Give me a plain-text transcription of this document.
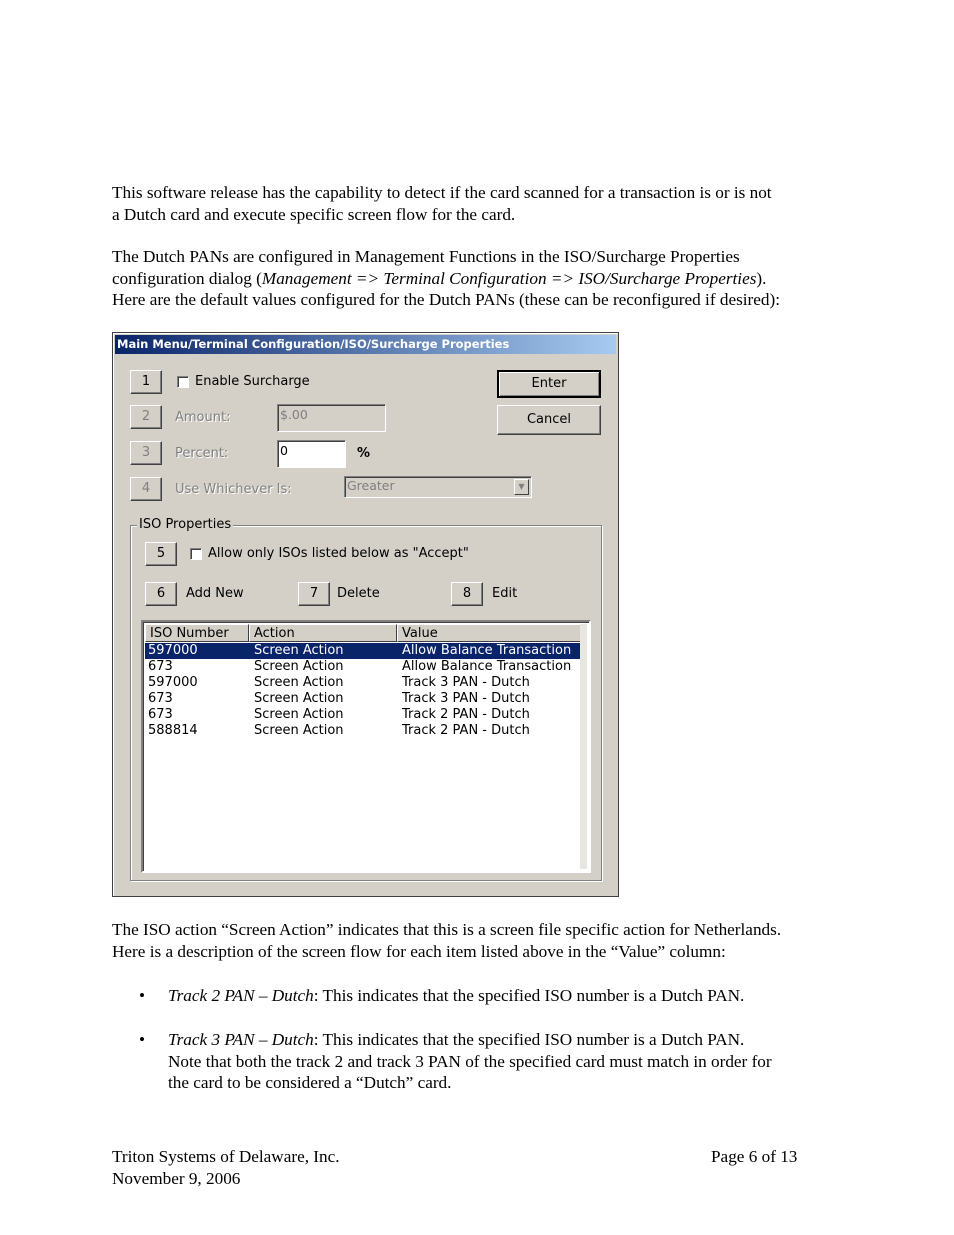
This software release has the capability to detect if the card scanned for a transaction is or is not

a Dutch card and execute specific screen flow for the card.

The Dutch PANs are configured in Management Functions in the ISO/Surcharge Properties

configuration dialog (Management => Terminal Configuration => ISO/Surcharge Properties).

Here are the default values configured for the Dutch PANs (these can be reconfigured if desired):

Main Menu/Terminal Configuration/ISO/Surcharge Properties
1	Enable Surcharge
2	Amount:	$.00
3	Percent:	0	%
4	Use Whichever Is:	Greater	▼
Enter
Cancel
ISO Properties
5	Allow only ISOs listed below as "Accept"
6	Add New	7	Delete	8	Edit
ISO Number	Action	Value
597000	Screen Action	Allow Balance Transaction
673	Screen Action	Allow Balance Transaction
597000	Screen Action	Track 3 PAN - Dutch
673	Screen Action	Track 3 PAN - Dutch
673	Screen Action	Track 2 PAN - Dutch
588814	Screen Action	Track 2 PAN - Dutch

The ISO action “Screen Action” indicates that this is a screen file specific action for Netherlands.

Here is a description of the screen flow for each item listed above in the “Value” column:

• Track 2 PAN – Dutch: This indicates that the specified ISO number is a Dutch PAN.
• Track 3 PAN – Dutch: This indicates that the specified ISO number is a Dutch PAN.
Note that both the track 2 and track 3 PAN of the specified card must match in order for
the card to be considered a “Dutch” card.
Triton Systems of Delaware, Inc.
November 9, 2006
Page 6 of 13
